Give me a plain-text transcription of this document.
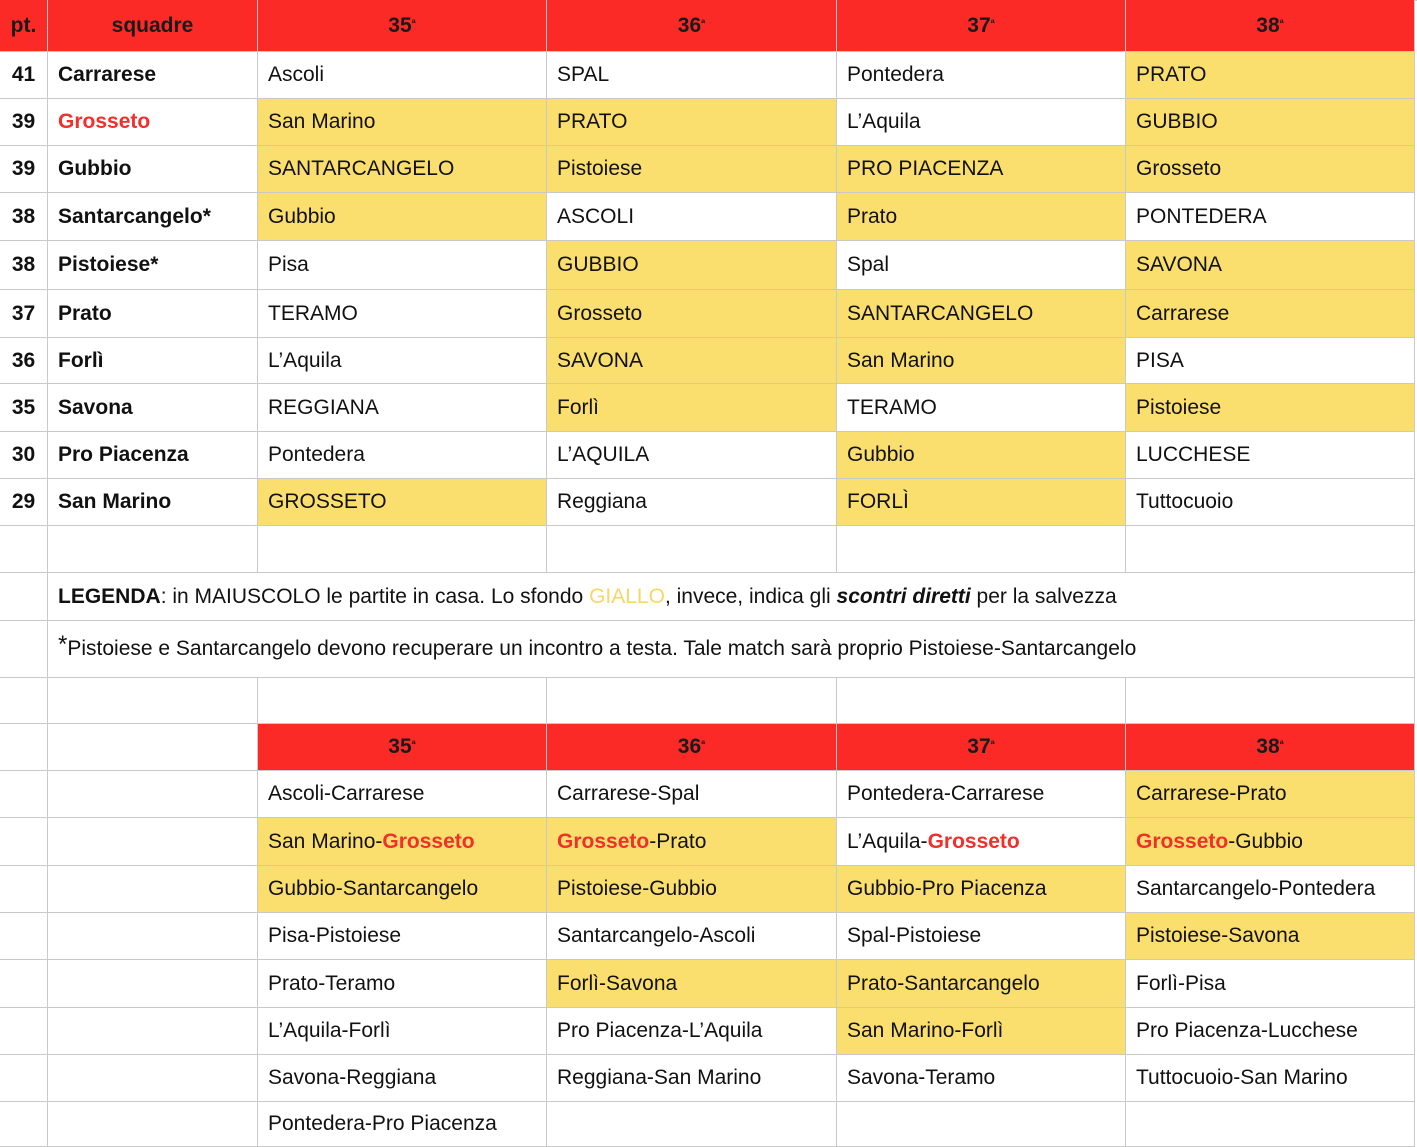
pt.	squadre	$35^ª$	$36^ª$	$37^ª$	$38^ª$
41 Carrarese	Ascoli	SPAL	Pontedera	PRATO
39 Grosseto	San Marino	PRATO	L’Aquila	GUBBIO
39 Gubbio	SANTARCANGELO	Pistoiese	PRO PIACENZA	Grosseto
38 Santarcangelo*	Gubbio	ASCOLI	Prato	PONTEDERA
38 Pistoiese*	Pisa	GUBBIO	Spal	SAVONA
37 Prato	TERAMO	Grosseto	SANTARCANGELO	Carrarese
36 Forlì	L’Aquila	SAVONA	San Marino	PISA
35 Savona	REGGIANA	Forlì	TERAMO	Pistoiese
30 Pro Piacenza	Pontedera	L’AQUILA	Gubbio	LUCCHESE
29 San Marino	GROSSETO	Reggiana	FORLÌ	Tuttocuoio
LEGENDA : in MAIUSCOLO le partite in casa. Lo sfondo GIALLO , invece, indica gli scontri diretti per la salvezza
* Pistoiese e Santarcangelo devono recuperare un incontro a testa. Tale match sarà proprio Pistoiese-Santarcangelo
$35^ª$	$36^ª$	$37^ª$	$38^ª$
Ascoli-Carrarese	Carrarese-Spal	Pontedera-Carrarese	Carrarese-Prato
San Marino- Grosseto	Grosseto -Prato	L’Aquila- Grosseto	Grosseto -Gubbio
Gubbio-Santarcangelo	Pistoiese-Gubbio	Gubbio-Pro Piacenza	Santarcangelo-Pontedera
Pisa-Pistoiese	Santarcangelo-Ascoli	Spal-Pistoiese	Pistoiese-Savona
Prato-Teramo	Forlì-Savona	Prato-Santarcangelo	Forlì-Pisa
L’Aquila-Forlì	Pro Piacenza-L’Aquila	San Marino-Forlì	Pro Piacenza-Lucchese
Savona-Reggiana	Reggiana-San Marino	Savona-Teramo	Tuttocuoio-San Marino
Pontedera-Pro Piacenza
